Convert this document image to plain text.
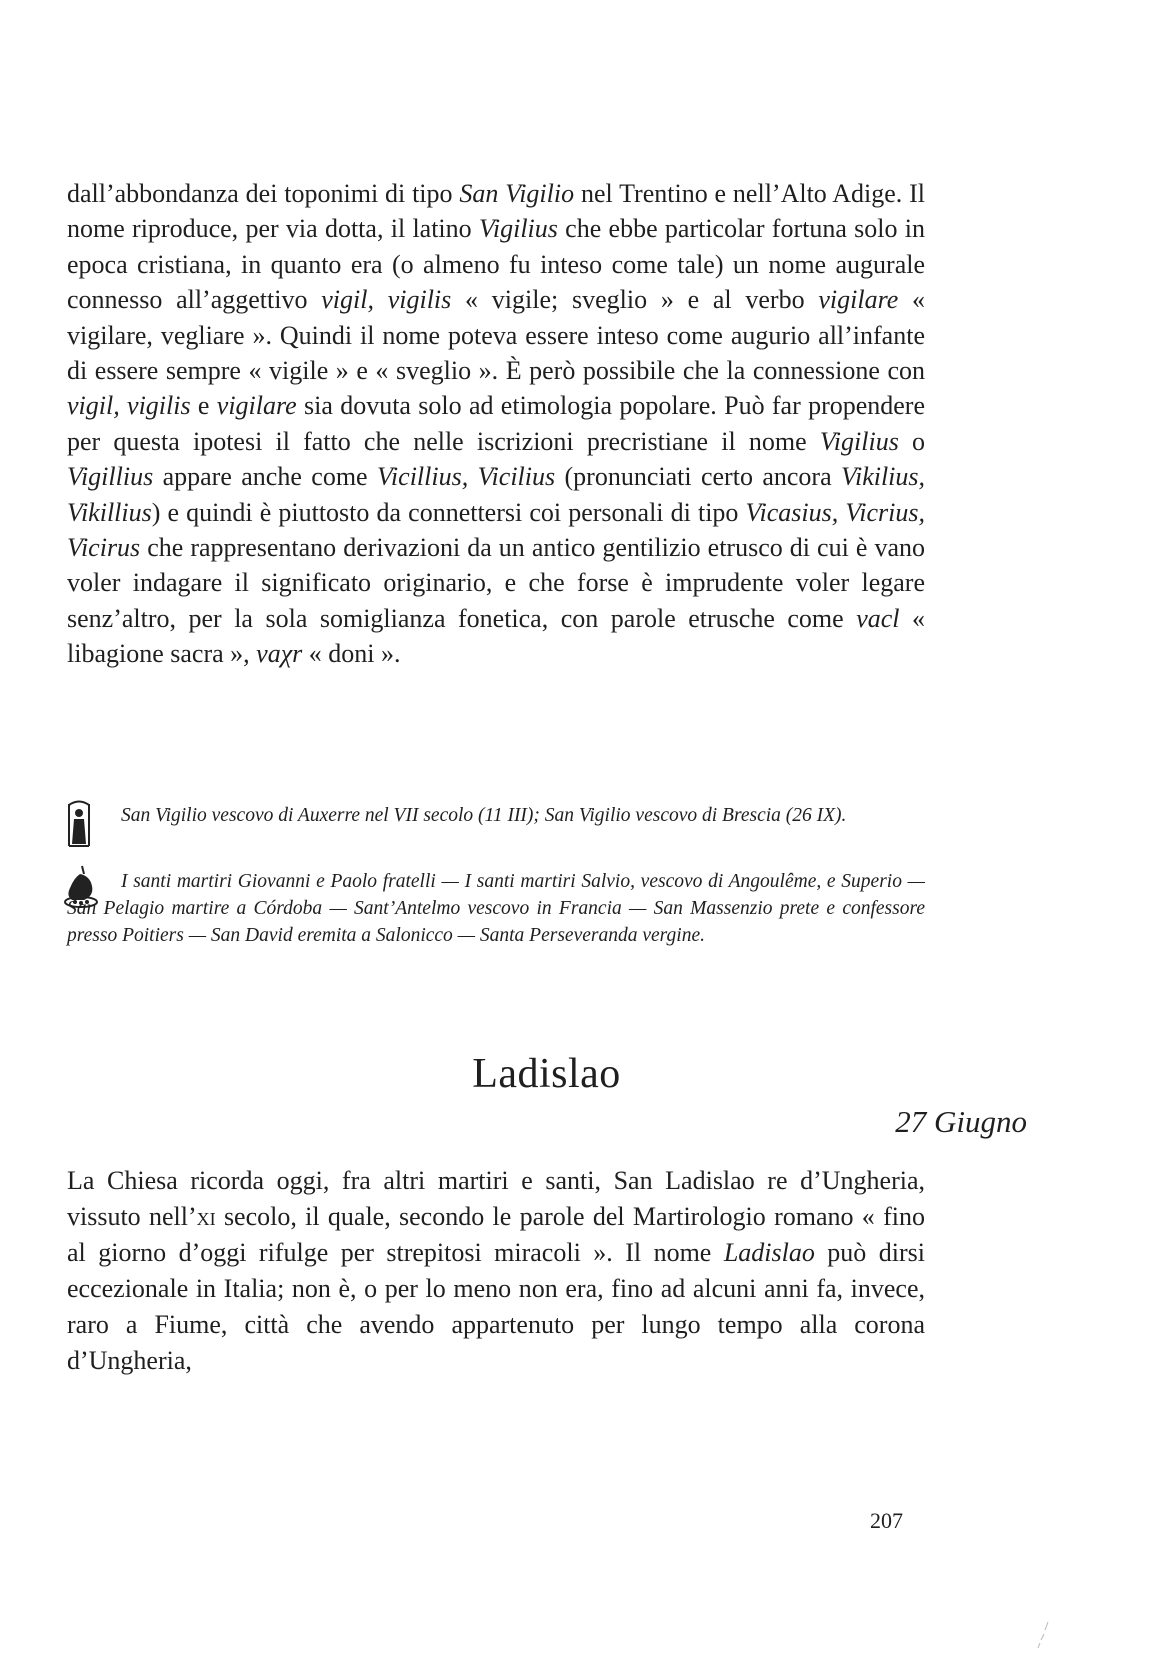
dall’abbondanza dei toponimi di tipo San Vigilio nel Trentino e nell’Alto Adige. Il nome riproduce, per via dotta, il latino Vigilius che ebbe particolar fortuna solo in epoca cristiana, in quanto era (o almeno fu inteso come tale) un nome augurale connesso all’aggettivo vigil, vigilis « vigile; sveglio » e al verbo vigilare « vigilare, vegliare ». Quindi il nome poteva essere inteso come augurio all’infante di essere sempre « vigile » e « sveglio ». È però possibile che la connessione con vigil, vigilis e vigilare sia dovuta solo ad etimologia popolare. Può far propendere per questa ipotesi il fatto che nelle iscrizioni precristiane il nome Vigilius o Vigillius appare anche come Vicillius, Vicilius (pronunciati certo ancora Vikilius, Vikillius) e quindi è piuttosto da connettersi coi personali di tipo Vicasius, Vicrius, Vicirus che rappresentano derivazioni da un antico gentilizio etrusco di cui è vano voler indagare il significato originario, e che forse è imprudente voler legare senz’altro, per la sola somiglianza fonetica, con parole etrusche come vacl « libagione sacra », vaχr « doni ».

San Vigilio vescovo di Auxerre nel VII secolo (11 III); San Vigilio vescovo di Brescia (26 IX).

I santi martiri Giovanni e Paolo fratelli — I santi martiri Salvio, vescovo di Angoulême, e Superio — San Pelagio martire a Córdoba — Sant’Antelmo vescovo in Francia — San Massenzio prete e confessore presso Poitiers — San David eremita a Salonicco — Santa Perseveranda vergine.

Ladislao
27 Giugno

La Chiesa ricorda oggi, fra altri martiri e santi, San Ladislao re d’Ungheria, vissuto nell’xi secolo, il quale, secondo le parole del Martirologio romano « fino al giorno d’oggi rifulge per strepitosi miracoli ». Il nome Ladislao può dirsi eccezionale in Italia; non è, o per lo meno non era, fino ad alcuni anni fa, invece, raro a Fiume, città che avendo appartenuto per lungo tempo alla corona d’Ungheria,

207
